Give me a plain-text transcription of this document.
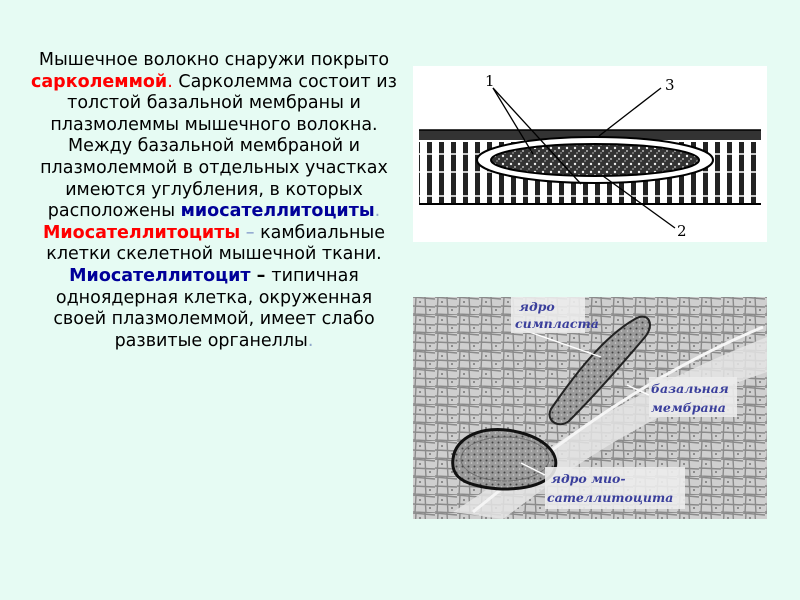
Мышечное волокно снаружи покрыто сарколеммой. Сарколемма состоит из толстой базальной мембраны и плазмолеммы мышечного волокна. Между базальной мембраной и плазмолеммой в отдельных участках имеются углубления, в которых расположены миосателлитоциты.
Миосателлитоциты – камбиальные клетки скелетной мышечной ткани.
Миосателлитоцит – типичная одноядерная клетка, окруженная своей плазмолеммой, имеет слабо развитые органеллы.
1	3
2
ядро
симпласта
базальная
мембрана
ядро мио-
сателлитоцита
